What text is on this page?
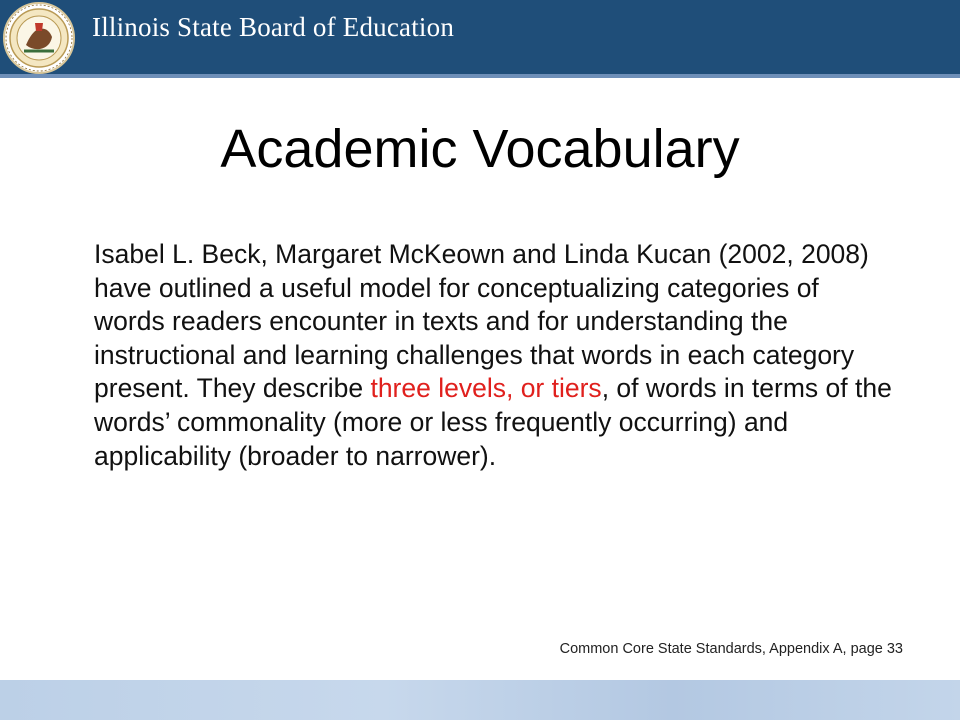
Illinois State Board of Education
Academic Vocabulary
Isabel L. Beck, Margaret McKeown and Linda Kucan (2002, 2008) have outlined a useful model for conceptualizing categories of words readers encounter in texts and for understanding the instructional and learning challenges that words in each category present. They describe three levels, or tiers, of words in terms of the words’ commonality (more or less frequently occurring) and applicability (broader to narrower).
Common Core State Standards, Appendix A, page 33
